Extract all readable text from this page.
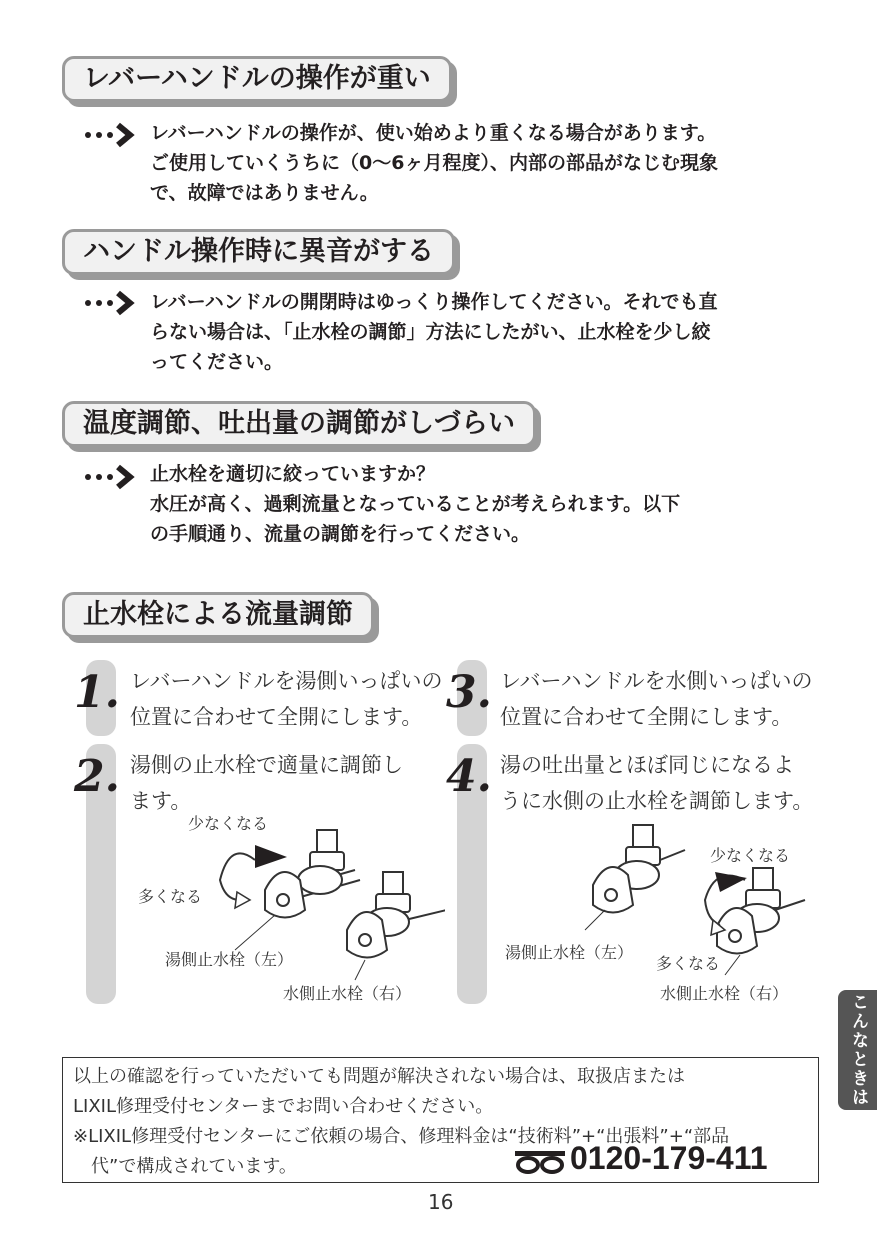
レバーハンドルの操作が重い
レバーハンドルの操作が、使い始めより重くなる場合があります。
ご使用していくうちに（0〜6ヶ月程度）、内部の部品がなじむ現象
で、故障ではありません。
ハンドル操作時に異音がする
レバーハンドルの開閉時はゆっくり操作してください。それでも直
らない場合は、「止水栓の調節」方法にしたがい、止水栓を少し絞
ってください。
温度調節、吐出量の調節がしづらい
止水栓を適切に絞っていますか？
水圧が高く、過剰流量となっていることが考えられます。以下
の手順通り、流量の調節を行ってください。
止水栓による流量調節
1. レバーハンドルを湯側いっぱいの
位置に合わせて全開にします。
2. 湯側の止水栓で適量に調節し
ます。
3. レバーハンドルを水側いっぱいの
位置に合わせて全開にします。
4. 湯の吐出量とほぼ同じになるよ
うに水側の止水栓を調節します。
少なくなる
多くなる
湯側止水栓（左）
水側止水栓（右）
少なくなる
湯側止水栓（左）
多くなる
水側止水栓（右）	こんなときは
以上の確認を行っていただいても問題が解決されない場合は、取扱店または
LIXIL修理受付センターまでお問い合わせください。
※LIXIL修理受付センターにご依頼の場合、修理料金は“技術料”+“出張料”+“部品
　代”で構成されています。	0120-179-411
16
